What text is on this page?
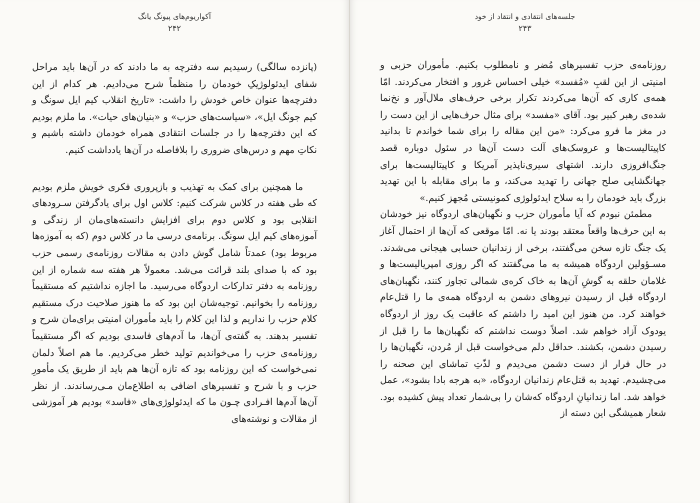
آکواریوم‌های پیونگ یانگ
۲۴۲

(پانزده سالگی) رسیدیم سه دفترچه به ما دادند که در آن‌ها باید مراحل شفای ایدئولوژیکِ خودمان را منظماً شرح می‌دادیم. هر کدام از این دفترچه‌ها عنوان خاص خودش را داشت: «تاریخ انقلاب کیم ایل سونگ و کیم جونگ ایل»، «سیاست‌های حزب» و «بنیان‌های حیات». ما ملزم بودیم که این دفترچه‌ها را در جلسات انتقادی همراه خودمان داشته باشیم و نکاتِ مهم و درس‌های ضروری را بلافاصله در آن‌ها یادداشت کنیم.

ما همچنین برای کمک به تهذیب و بازپروری فکری خویش ملزم بودیم که طی هفته در کلاس شرکت کنیم: کلاس اول برای یادگرفتن سـرودهای انقلابی بود و کلاس دوم برای افزایش دانسته‌های‌مان از زندگی و آموزه‌های کیم ایل سونگ. برنامه‌ی درسی ما در کلاس دوم (که به آموزه‌ها مربوط بود) عمدتاً شامل گوش دادن به مقالات روزنامه‌ی رسمی حزب بود که با صدای بلند قرائت می‌شد. معمولاً هر هفته سه شماره از این روزنامه به دفتر تدارکات اردوگاه می‌رسید. ما اجازه نداشتیم که مستقیماً روزنامه را بخوانیم. توجیه‌شان این بود که ما هنوز صلاحیت درک مستقیم کلام حزب را نداریم و لذا این کلام را باید مأموران امنیتی برای‌مان شرح و تفسیر بدهند. به گفته‌ی آن‌ها، ما آدم‌های فاسدی بودیم که اگر مستقیماً روزنامه‌ی حزب را می‌خواندیم تولید خطر می‌کردیم. ما هم اصلاً دلمان نمی‌خواست که این روزنامه بود که تازه آن‌ها هم باید از طریق یک مأمورِ حزب و با شرح و تفسیرهای اضافی به اطلاع‌مان مـی‌رساندند. از نظر آن‌ها آدم‌ها افـرادی چـون ما که ایدئولوژی‌های «فاسد» بودیم هر آموزشی از مقالات و نوشته‌های

جلسه‌های انتقادی و انتقاد از خود
۲۴۳

روزنامه‌ی حزب تفسیرهای مُضر و نامطلوب بکنیم. مأموران حزبی و امنیتی از این لقبِ «مُفسد» خیلی احساس غرور و افتخار می‌کردند. امّا همه‌ی کاری که آن‌ها می‌کردند تکرار برخی حرف‌های ملال‌آور و نخ‌نما شده‌ی رهبر کبیر بود. آقای «مفسد» برای مثال حرف‌هایی از این دست را در مغز ما فرو می‌کرد: «من این مقاله را برای شما خواندم تا بدانید کاپیتالیست‌ها و عروسک‌های آلت دست آن‌ها در سئول دوباره قصد جنگ‌افروزی دارند. اشتهای سیری‌ناپذیر آمریکا و کاپیتالیست‌ها برای جهانگشایی صلح جهانی را تهدید می‌کند، و ما برای مقابله با این تهدید بزرگ باید خودمان را به سلاح ایدئولوژی کمونیستی مُجهز کنیم.»

مطمئن نبودم که آیا مأموران حزب و نگهبان‌های اردوگاه نیز خودشان به این حرف‌ها واقعاً معتقد بودند یا نه. امّا موقعی که آن‌ها از احتمال آغاز یک جنگ تازه سخن می‌گفتند، برخی از زندانیان حسابی هیجانی می‌شدند. مسـؤولین اردوگاه همیشه به ما می‌گفتند که اگر روزی امپریالیست‌ها و غلامان حلقه به گوشِ آن‌ها به خاک کره‌ی شمالی تجاوز کنند، نگهبان‌های اردوگاه قبل از رسیدن نیروهای دشمن به اردوگاه همه‌ی ما را قتل‌عام خواهند کرد. من هنوز این امید را داشتم که عاقبت یک روز از اردوگاه یودوک آزاد خواهم شد. اصلاً دوست نداشتم که نگهبان‌ها ما را قبل از رسیدن دشمن، بکشند. حداقل دلم می‌خواست قبل از مُردن، نگهبان‌ها را در حال فرار از دست دشمن می‌دیدم و لذّتِ تماشای این صحنه را می‌چشیدم. تهدید به قتل‌عام زندانیان اردوگاه، «به هرجه بادا بشود»، عمل خواهد شد. اما زندانیانِ اردوگاه که‌شان را بی‌شمار تعداد پیش کشیده بود. شعار همیشگی این دسته از
